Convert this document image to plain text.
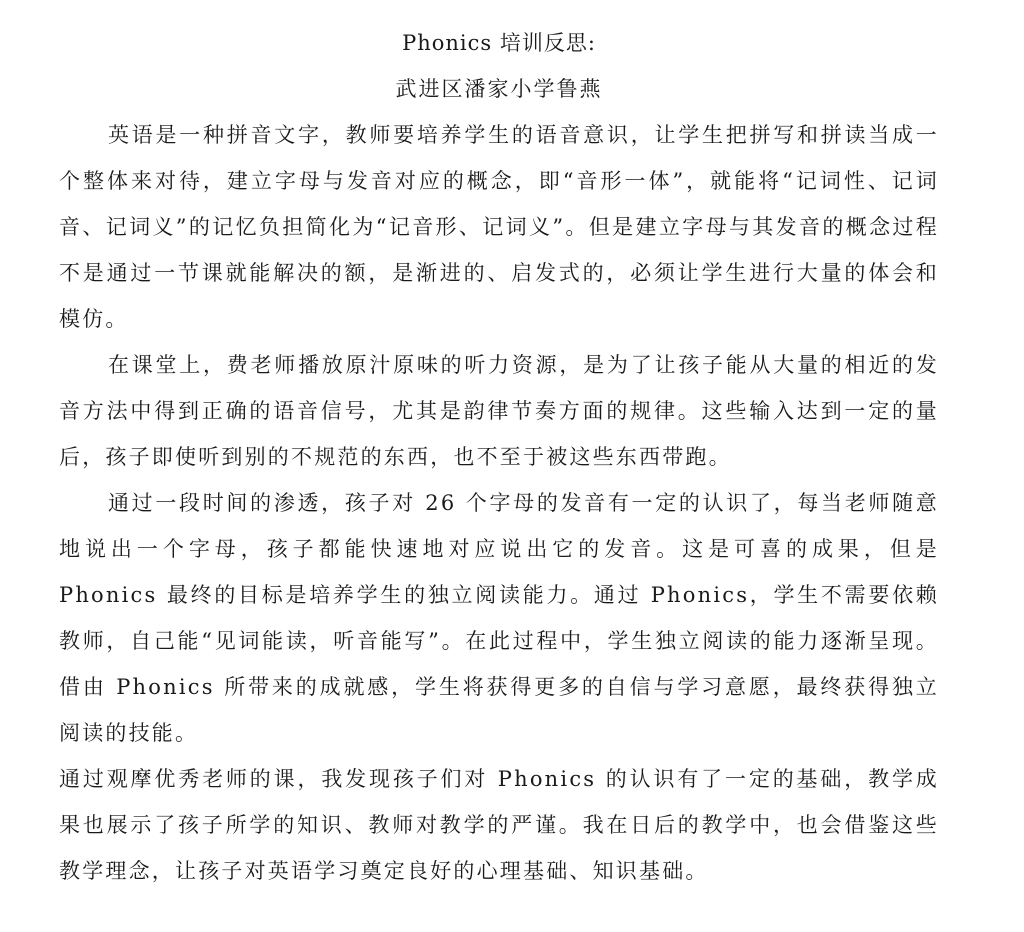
Phonics 培训反思:

武进区潘家小学鲁燕

英语是一种拼音文字，教师要培养学生的语音意识，让学生把拼写和拼读当成一个整体来对待，建立字母与发音对应的概念，即“音形一体”，就能将“记词性、记词音、记词义”的记忆负担简化为“记音形、记词义”。但是建立字母与其发音的概念过程不是通过一节课就能解决的额，是渐进的、启发式的，必须让学生进行大量的体会和模仿。

在课堂上，费老师播放原汁原味的听力资源，是为了让孩子能从大量的相近的发音方法中得到正确的语音信号，尤其是韵律节奏方面的规律。这些输入达到一定的量后，孩子即使听到别的不规范的东西，也不至于被这些东西带跑。

通过一段时间的渗透，孩子对 26 个字母的发音有一定的认识了，每当老师随意地说出一个字母，孩子都能快速地对应说出它的发音。这是可喜的成果，但是 Phonics 最终的目标是培养学生的独立阅读能力。通过 Phonics，学生不需要依赖教师，自己能“见词能读，听音能写”。在此过程中，学生独立阅读的能力逐渐呈现。借由 Phonics 所带来的成就感，学生将获得更多的自信与学习意愿，最终获得独立阅读的技能。

通过观摩优秀老师的课，我发现孩子们对 Phonics 的认识有了一定的基础，教学成果也展示了孩子所学的知识、教师对教学的严谨。我在日后的教学中，也会借鉴这些教学理念，让孩子对英语学习奠定良好的心理基础、知识基础。
